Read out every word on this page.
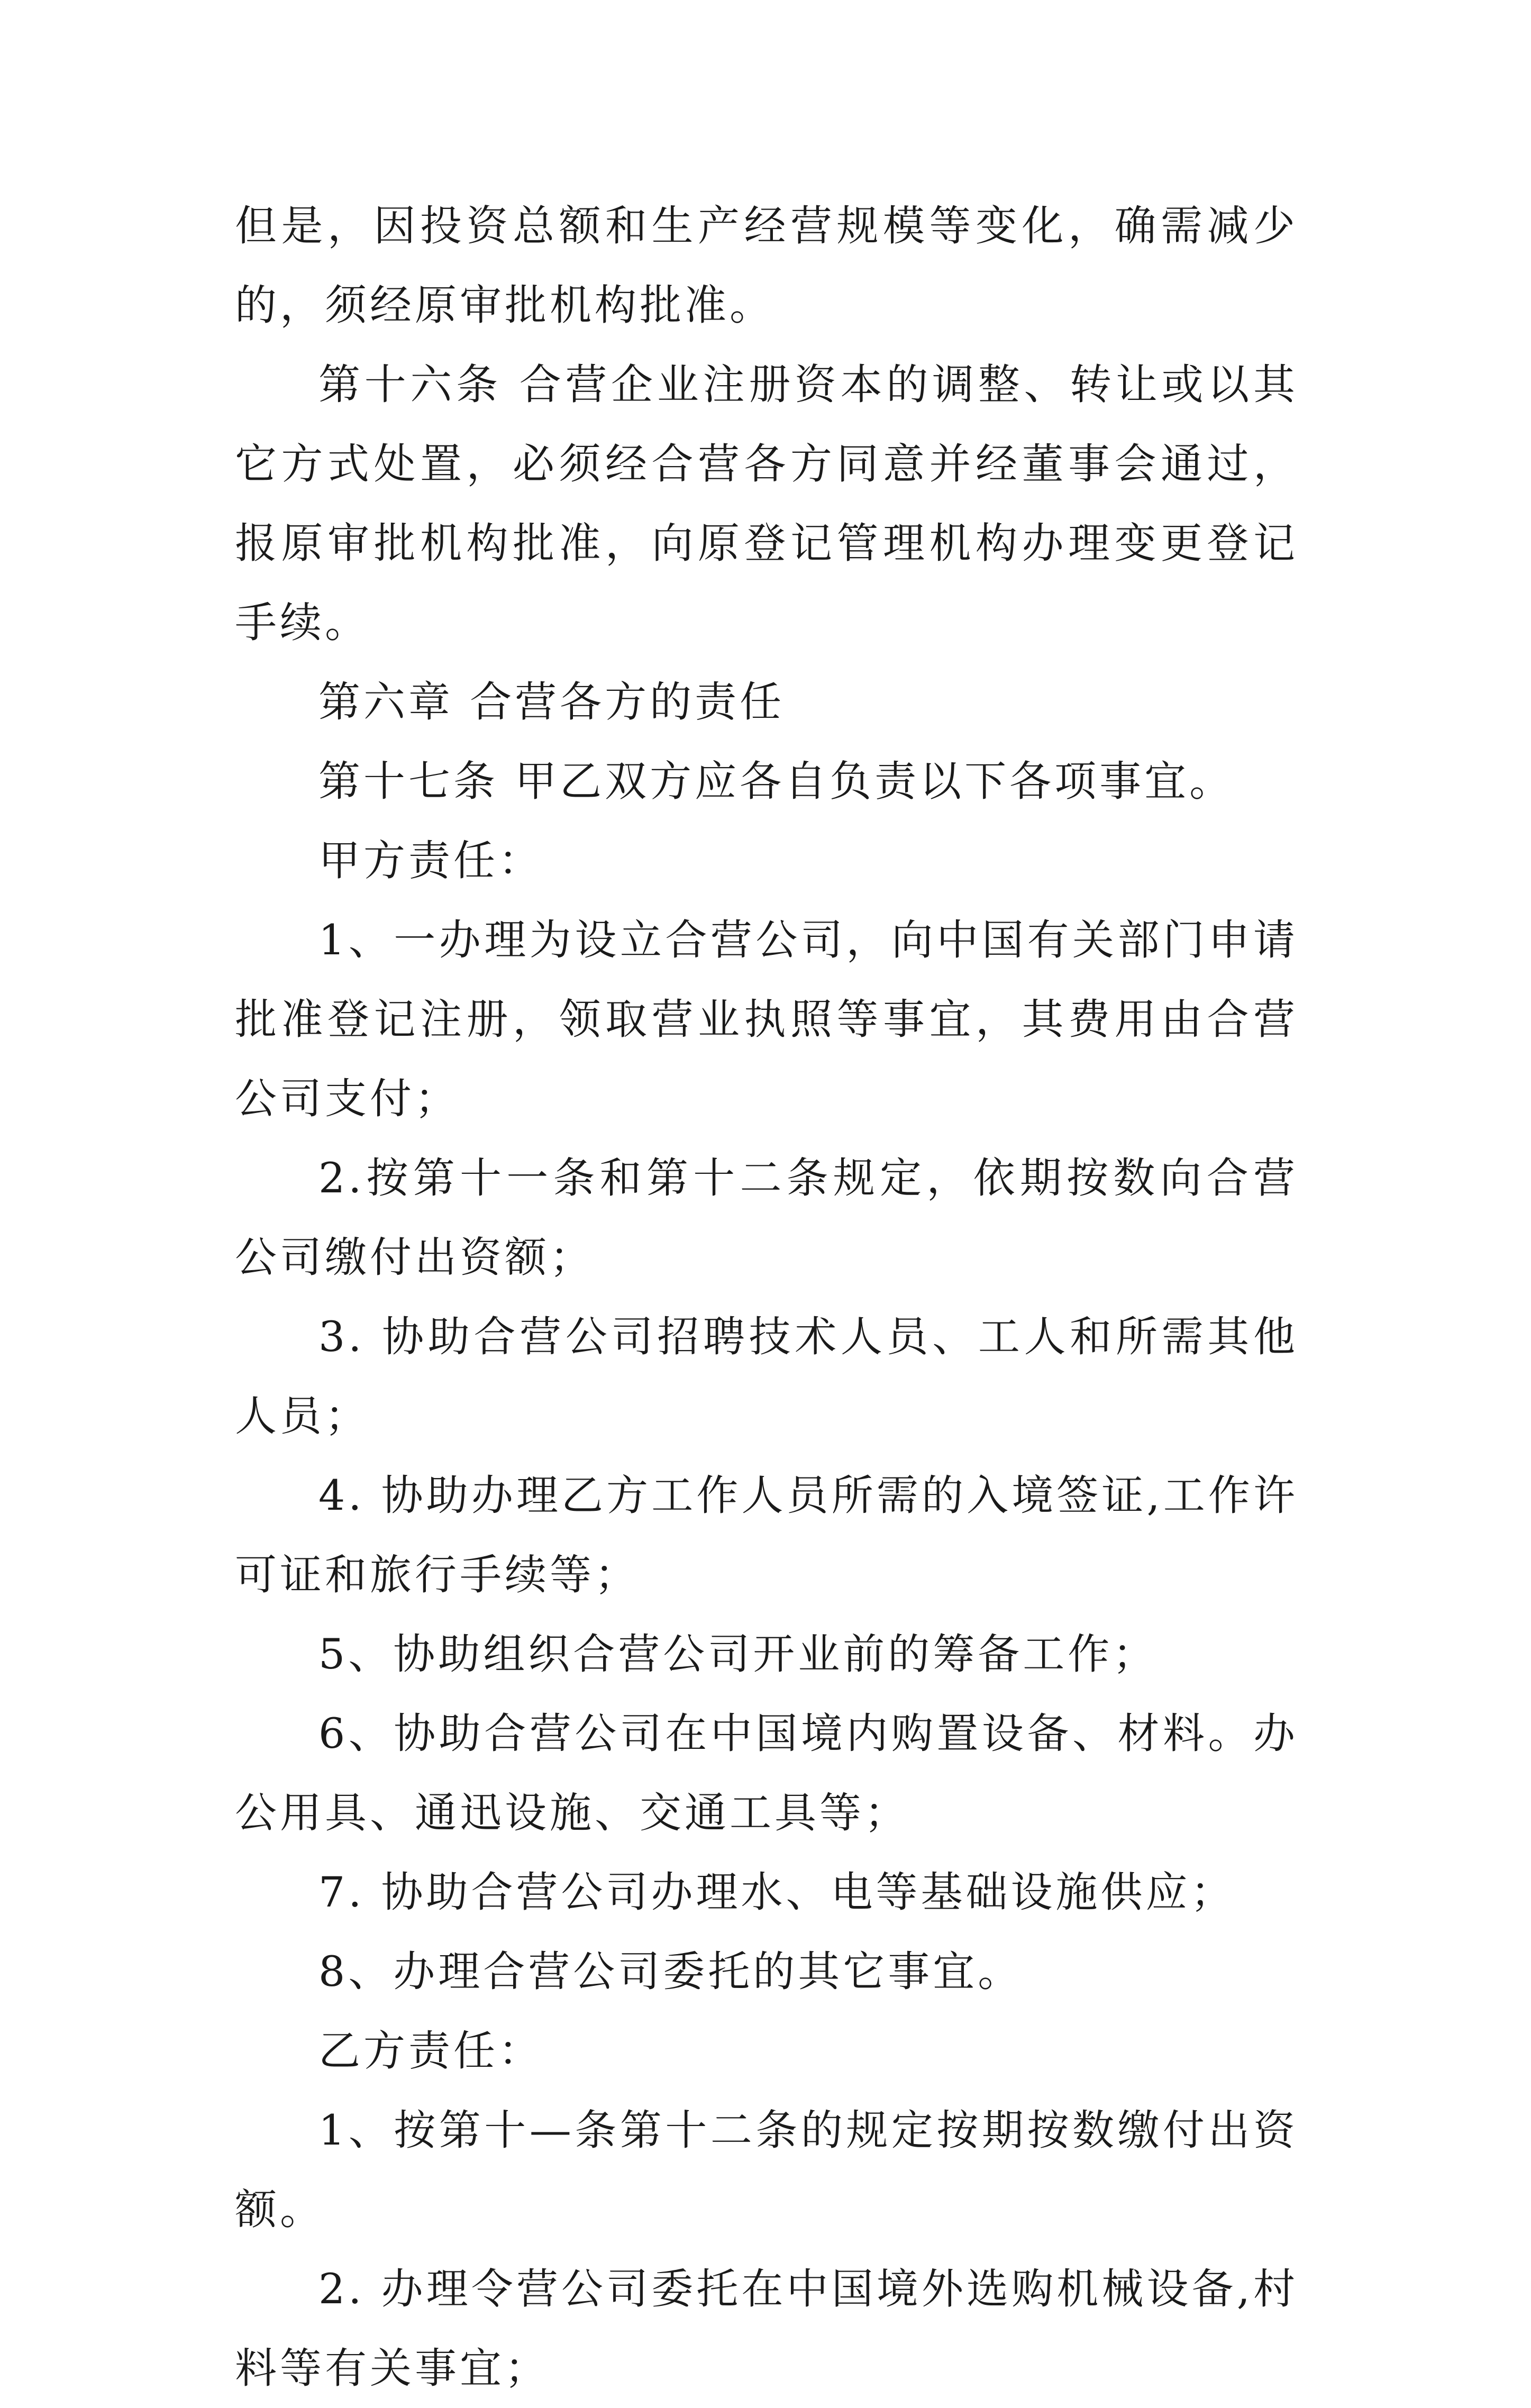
但是，因投资总额和生产经营规模等变化，确需减少的，须经原审批机构批准。

第十六条 合营企业注册资本的调整、转让或以其它方式处置，必须经合营各方同意并经董事会通过，报原审批机构批准，向原登记管理机构办理变更登记手续。

第六章 合营各方的责任

第十七条 甲乙双方应各自负责以下各项事宜。

甲方责任：

1、一办理为设立合营公司，向中国有关部门申请批准登记注册，领取营业执照等事宜，其费用由合营公司支付；

2.按第十一条和第十二条规定，依期按数向合营公司缴付出资额；

3. 协助合营公司招聘技术人员、工人和所需其他人员；

4. 协助办理乙方工作人员所需的入境签证,工作许可证和旅行手续等；

5、协助组织合营公司开业前的筹备工作；

6、协助合营公司在中国境内购置设备、材料。办公用具、通迅设施、交通工具等；

7. 协助合营公司办理水、电等基础设施供应；

8、办理合营公司委托的其它事宜。

乙方责任：

1、按第十—条第十二条的规定按期按数缴付出资额。

2. 办理令营公司委托在中国境外选购机械设备,村料等有关事宜；
